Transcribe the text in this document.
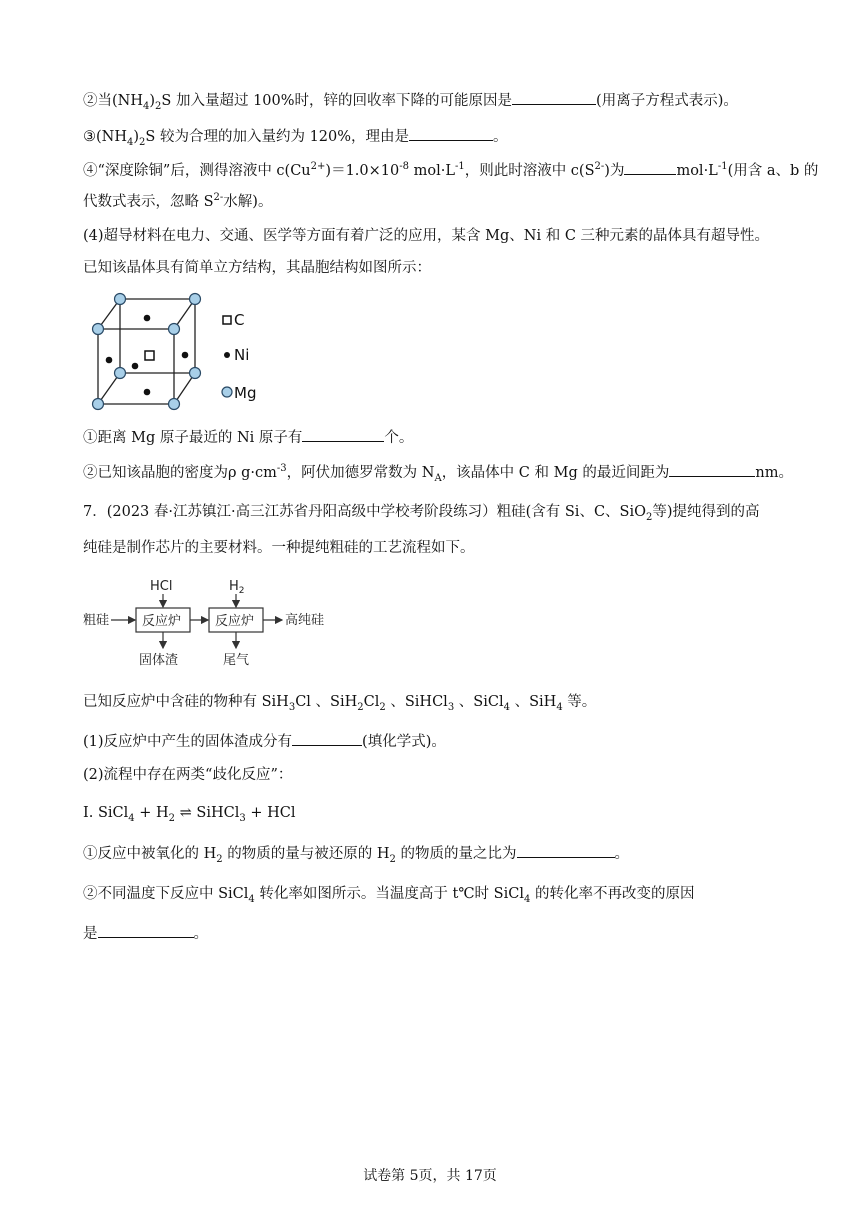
②当$(NH_4)_2S$ 加入量超过 100%时，锌的回收率下降的可能原因是	(用离子方程式表示)。
$③(NH_4)_2S$ 较为合理的加入量约为 120%，理由是	。
④“深度除铜”后，测得溶液中 $c(Cu^{2+})=1.0\times 10^{-8}$ $mol\cdot L^{-1}$，则此时溶液中 $c(S^{2-})$为	$mol\cdot L^{-1}$(用含 a、b 的
代数式表示，忽略 $S^{2-}$水解)。
(4)超导材料在电力、交通、医学等方面有着广泛的应用，某含 Mg、Ni 和 C 三种元素的晶体具有超导性。
已知该晶体具有简单立方结构，其晶胞结构如图所示：
C
Ni
Mg
①距离 Mg 原子最近的 Ni 原子有	个。
②已知该晶胞的密度为ρ $g\cdot cm^{-3}$，阿伏加德罗常数为 $N_A$，该晶体中 C 和 Mg 的最近间距为	nm。
7．(2023 春·江苏镇江·高三江苏省丹阳高级中学校考阶段练习）粗硅(含有 Si、C、SiO$_2$等)提纯得到的高
纯硅是制作芯片的主要材料。一种提纯粗硅的工艺流程如下。
粗硅	反应炉
HCl
固体渣
反应炉
$H_2$
尾气
高纯硅
已知反应炉中含硅的物种有 SiH$_3$Cl 、$SiH_2Cl_2$ 、SiHCl$_3$ 、SiCl$_4$ 、SiH$_4$ 等。
(1)反应炉中产生的固体渣成分有	(填化学式)。
(2)流程中存在两类“歧化反应”：
I. SiCl$_4$ + $H_2$ ⇌ SiHCl$_3$ + HCl
①反应中被氧化的 $H_2$ 的物质的量与被还原的 $H_2$ 的物质的量之比为	。
②不同温度下反应中 SiCl$_4$ 转化率如图所示。当温度高于 t℃时 SiCl$_4$ 的转化率不再改变的原因
是	。
试卷第 5页，共 17页
